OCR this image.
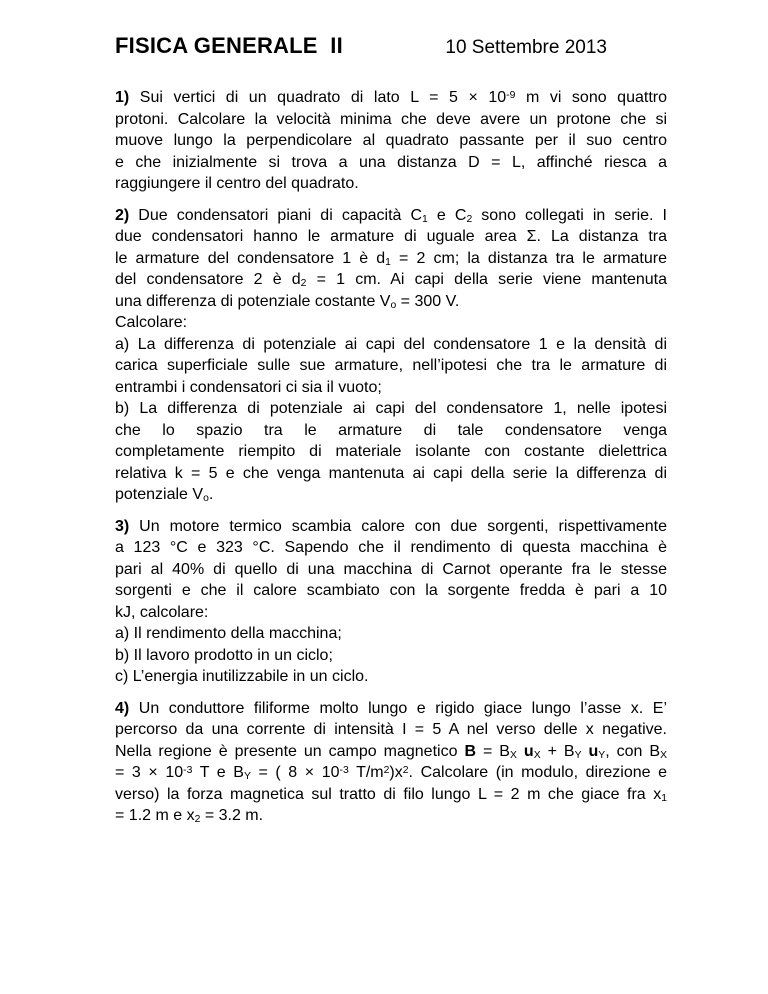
FISICA GENERALE  II	10 Settembre 2013
1) Sui vertici di un quadrato di lato $L = 5 \times 10^{-9}$ m vi sono quattro
protoni. Calcolare la velocità minima che deve avere un protone che si
muove lungo la perpendicolare al quadrato passante per il suo centro
e che inizialmente si trova a una distanza D = L, affinché riesca a
raggiungere il centro del quadrato.
2) Due condensatori piani di capacità C1 e C2 sono collegati in serie. I
due condensatori hanno le armature di uguale area Σ. La distanza tra
le armature del condensatore 1 è d1 = 2 cm; la distanza tra le armature
del condensatore 2 è d2 = 1 cm. Ai capi della serie viene mantenuta
una differenza di potenziale costante Vo = 300 V.
Calcolare:
a) La differenza di potenziale ai capi del condensatore 1 e la densità di
carica superficiale sulle sue armature, nell’ipotesi che tra le armature di
entrambi i condensatori ci sia il vuoto;
b) La differenza di potenziale ai capi del condensatore 1, nelle ipotesi
che lo spazio tra le armature di tale condensatore venga
completamente riempito di materiale isolante con costante dielettrica
relativa k = 5 e che venga mantenuta ai capi della serie la differenza di
potenziale Vo.
3) Un motore termico scambia calore con due sorgenti, rispettivamente
a 123 °C e 323 °C. Sapendo che il rendimento di questa macchina è
pari al 40% di quello di una macchina di Carnot operante fra le stesse
sorgenti e che il calore scambiato con la sorgente fredda è pari a 10
kJ, calcolare:
a) Il rendimento della macchina;
b) Il lavoro prodotto in un ciclo;
c) L’energia inutilizzabile in un ciclo.
4) Un conduttore filiforme molto lungo e rigido giace lungo l’asse x. E’
percorso da una corrente di intensità I = 5 A nel verso delle x negative.
Nella regione è presente un campo magnetico B = BX uX + BY uY, con BX
= $3 \times 10^{-3}$ T e BY = ( $8 \times 10^{-3}$ $T/m^2)x^2$. Calcolare (in modulo, direzione e
verso) la forza magnetica sul tratto di filo lungo L = 2 m che giace fra x1
= 1.2 m e x2 = 3.2 m.
